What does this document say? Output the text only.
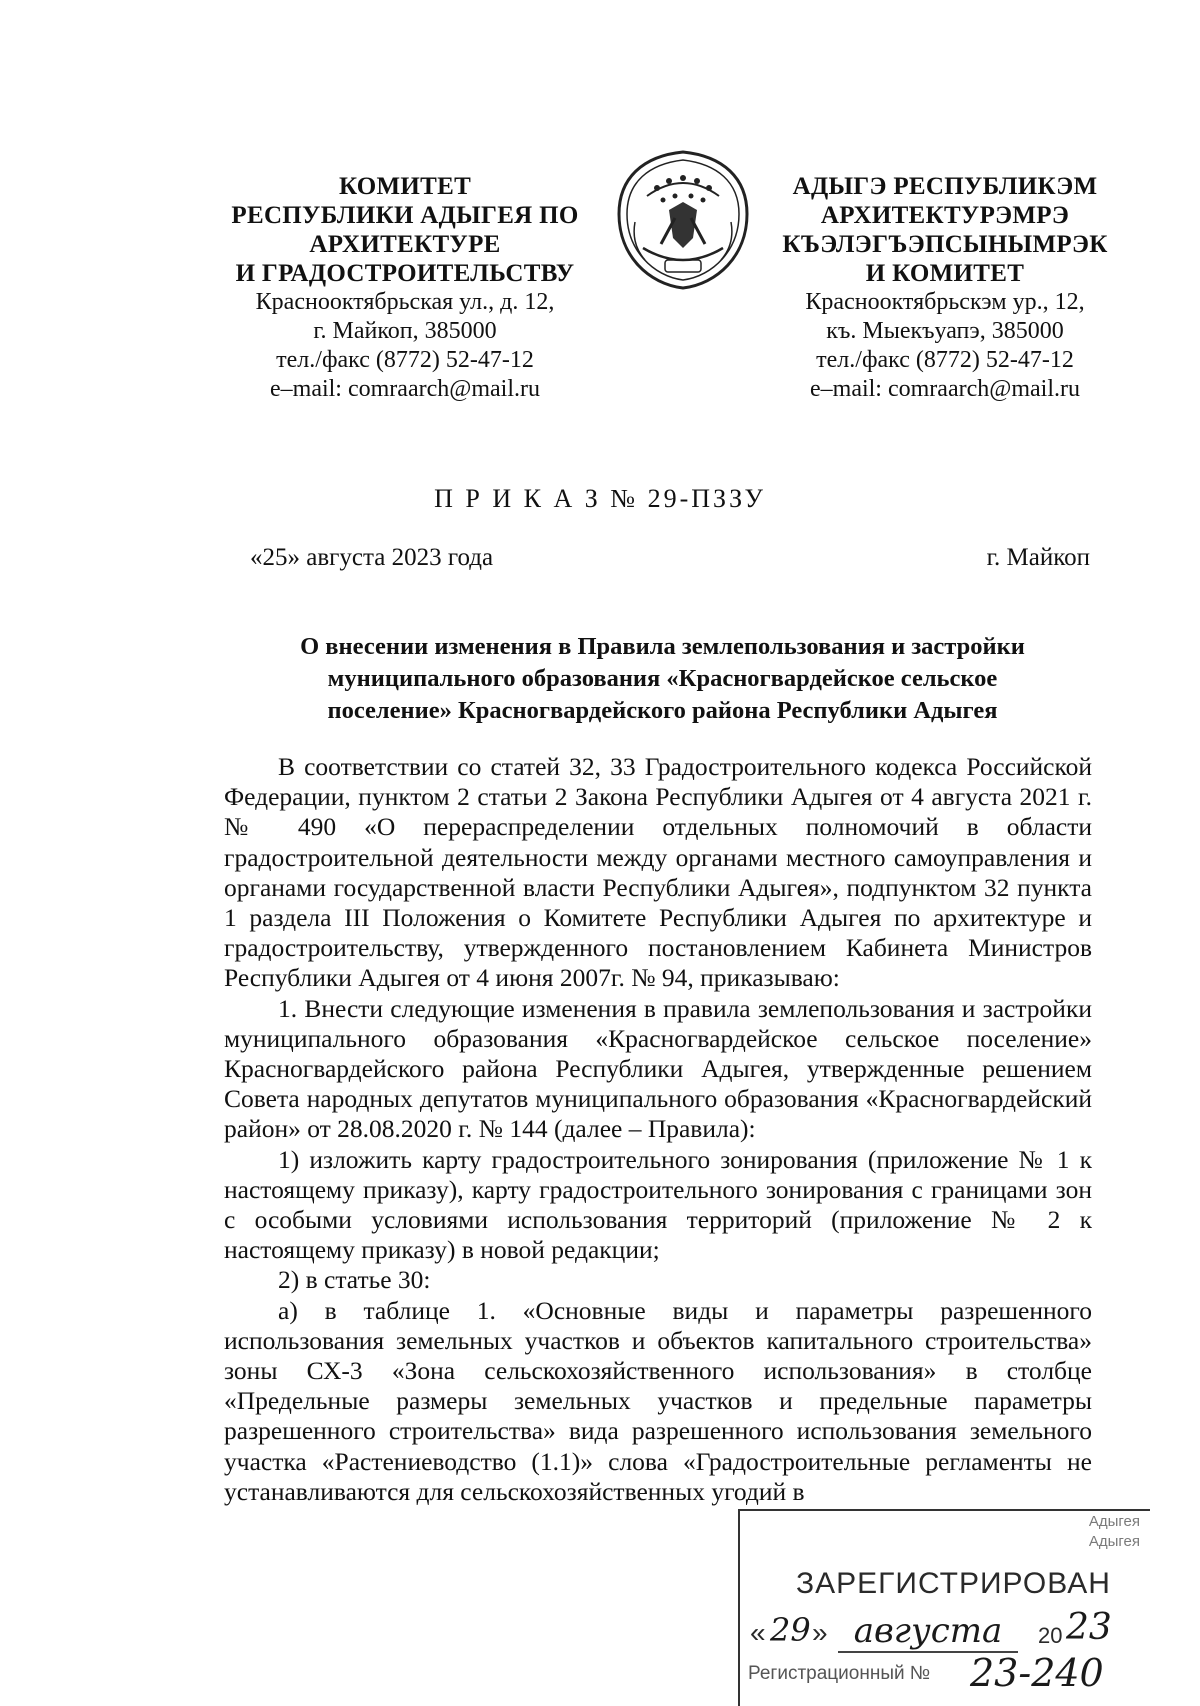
КОМИТЕТ
РЕСПУБЛИКИ АДЫГЕЯ ПО
АРХИТЕКТУРЕ
И ГРАДОСТРОИТЕЛЬСТВУ
Краснооктябрьская ул., д. 12,
г. Майкоп, 385000
тел./факс (8772) 52-47-12
e–mail: comraarch@mail.ru
АДЫГЭ РЕСПУБЛИКЭМ
АРХИТЕКТУРЭМРЭ
КЪЭЛЭГЪЭПСЫНЫМРЭК
И КОМИТЕТ
Краснооктябрьскэм ур., 12,
къ. Мыекъуапэ, 385000
тел./факс (8772) 52-47-12
e–mail: comraarch@mail.ru
П Р И К А З № 29-ПЗЗУ
«25» августа 2023 года	г. Майкоп
О внесении изменения в Правила землепользования и застройки
муниципального образования «Красногвардейское сельское
поселение» Красногвардейского района Республики Адыгея

В соответствии со статей 32, 33 Градостроительного кодекса Российской Федерации, пунктом 2 статьи 2 Закона Республики Адыгея от 4 августа 2021 г. № 490 «О перераспределении отдельных полномочий в области градостроительной деятельности между органами местного самоуправления и органами государственной власти Республики Адыгея», подпунктом 32 пункта 1 раздела III Положения о Комитете Республики Адыгея по архитектуре и градостроительству, утвержденного постановлением Кабинета Министров Республики Адыгея от 4 июня 2007г. № 94, приказываю:

1. Внести следующие изменения в правила землепользования и застройки муниципального образования «Красногвардейское сельское поселение» Красногвардейского района Республики Адыгея, утвержденные решением Совета народных депутатов муниципального образования «Красногвардейский район» от 28.08.2020 г. № 144 (далее – Правила):

1) изложить карту градостроительного зонирования (приложение № 1 к настоящему приказу), карту градостроительного зонирования с границами зон с особыми условиями использования территорий (приложение № 2 к настоящему приказу) в новой редакции;

2) в статье 30:

а) в таблице 1. «Основные виды и параметры разрешенного использования земельных участков и объектов капитального строительства» зоны СХ-3 «Зона сельскохозяйственного использования» в столбце «Предельные размеры земельных участков и предельные параметры разрешенного строительства» вида разрешенного использования земельного участка «Растениеводство (1.1)» слова «Градостроительные регламенты не устанавливаются для сельскохозяйственных угодий в

Адыгея
Адыгея
ЗАРЕГИСТРИРОВАН
« 29 » августа	20 23
Регистрационный № 23-240
